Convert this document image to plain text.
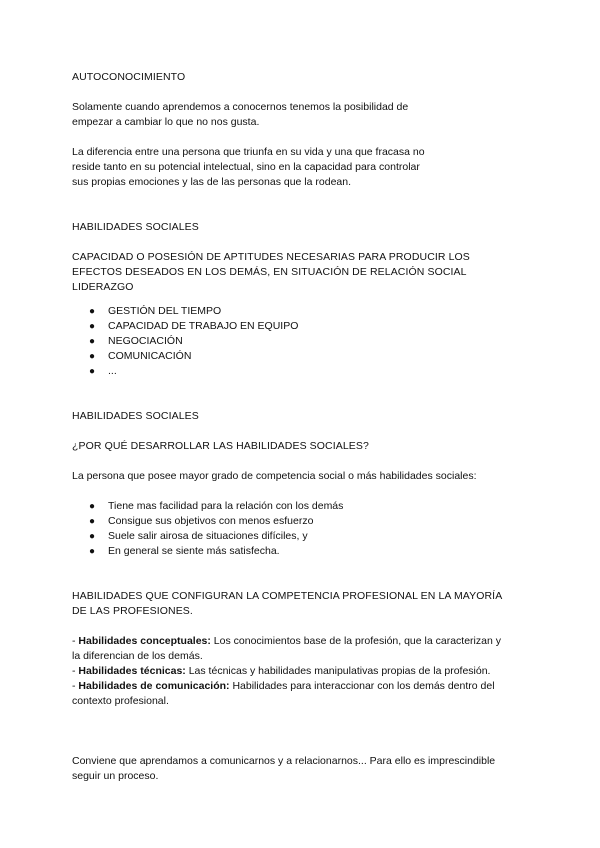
AUTOCONOCIMIENTO

Solamente cuando aprendemos a conocernos tenemos la posibilidad de

empezar a cambiar lo que no nos gusta.

La diferencia entre una persona que triunfa en su vida y una que fracasa no

reside tanto en su potencial intelectual, sino en la capacidad para controlar

sus propias emociones y las de las personas que la rodean.

HABILIDADES SOCIALES

CAPACIDAD O POSESIÓN DE APTITUDES NECESARIAS PARA PRODUCIR LOS

EFECTOS DESEADOS EN LOS DEMÁS, EN SITUACIÓN DE RELACIÓN SOCIAL

LIDERAZGO

● GESTIÓN DEL TIEMPO
● CAPACIDAD DE TRABAJO EN EQUIPO
● NEGOCIACIÓN
● COMUNICACIÓN
● ...

HABILIDADES SOCIALES

¿POR QUÉ DESARROLLAR LAS HABILIDADES SOCIALES?

La persona que posee mayor grado de competencia social o más habilidades sociales:

● Tiene mas facilidad para la relación con los demás
● Consigue sus objetivos con menos esfuerzo
● Suele salir airosa de situaciones difíciles, y
● En general se siente más satisfecha.

HABILIDADES QUE CONFIGURAN LA COMPETENCIA PROFESIONAL EN LA MAYORÍA

DE LAS PROFESIONES.

- Habilidades conceptuales: Los conocimientos base de la profesión, que la caracterizan y

la diferencian de los demás.

- Habilidades técnicas: Las técnicas y habilidades manipulativas propias de la profesión.

- Habilidades de comunicación: Habilidades para interaccionar con los demás dentro del

contexto profesional.

Conviene que aprendamos a comunicarnos y a relacionarnos... Para ello es imprescindible

seguir un proceso.
